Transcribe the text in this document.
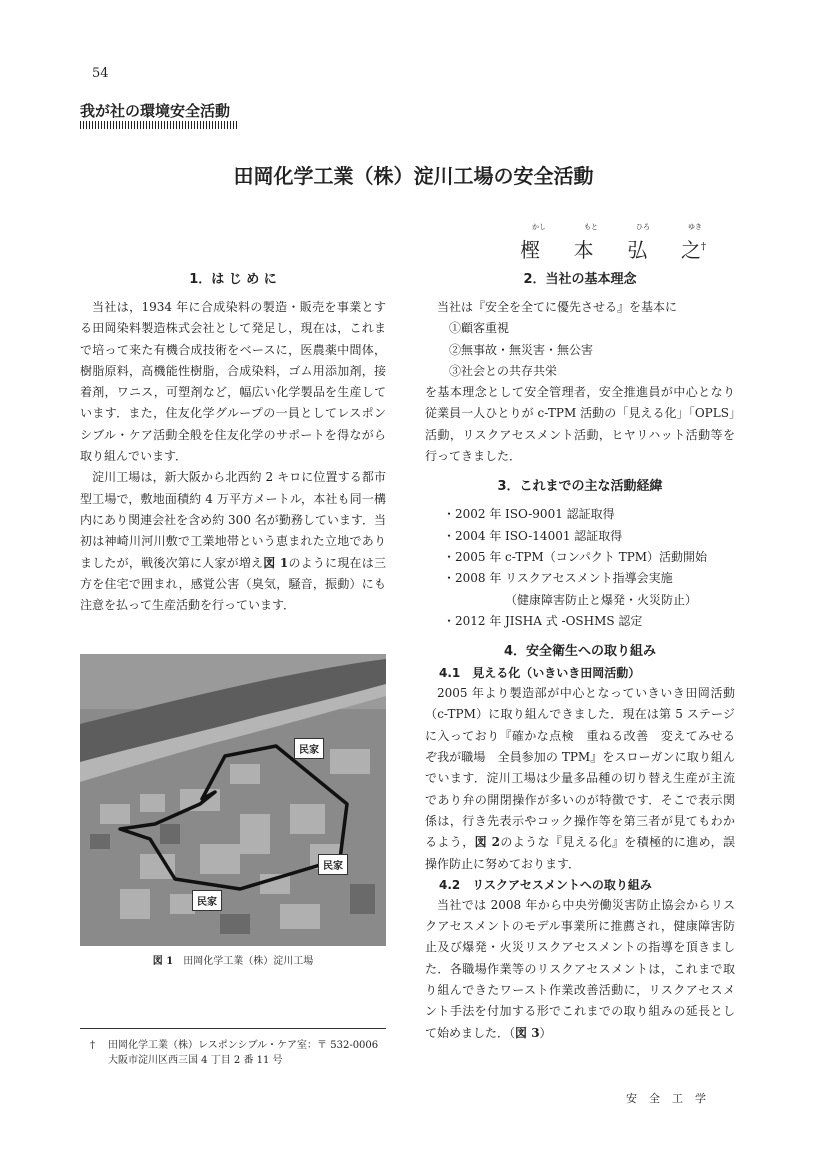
54
我が社の環境安全活動
田岡化学工業（株）淀川工場の安全活動
かし	もと	ひろ	ゆき
樫 本 弘 之†
1．は じ め に

当社は，1934 年に合成染料の製造・販売を事業とする田岡染料製造株式会社として発足し，現在は，これまで培って来た有機合成技術をベースに，医農薬中間体，樹脂原料，高機能性樹脂，合成染料，ゴム用添加剤，接着剤，ワニス，可塑剤など，幅広い化学製品を生産しています．また，住友化学グループの一員としてレスポンシブル・ケア活動全般を住友化学のサポートを得ながら取り組んでいます．

淀川工場は，新大阪から北西約 2 キロに位置する都市型工場で，敷地面積約 4 万平方メートル，本社も同一構内にあり関連会社を含め約 300 名が勤務しています．当初は神崎川河川敷で工業地帯という恵まれた立地でありましたが，戦後次第に人家が増え図 1のように現在は三方を住宅で囲まれ，感覚公害（臭気，騒音，振動）にも注意を払って生産活動を行っています．

民家
民家
民家
図 1　 田岡化学工業（株）淀川工場
†	田岡化学工業（株）レスポンシブル・ケア室：〒 532-0006
大阪市淀川区西三国 4 丁目 2 番 11 号
2．当社の基本理念
当社は『安全を全てに優先させる』を基本に
①顧客重視
②無事故・無災害・無公害
③社会との共存共栄

を基本理念として安全管理者，安全推進員が中心となり従業員一人ひとりが c-TPM 活動の「見える化」「OPLS」活動，リスクアセスメント活動，ヒヤリハット活動等を行ってきました．

3．これまでの主な活動経緯
・2002 年 ISO-9001 認証取得
・2004 年 ISO-14001 認証取得
・2005 年 c-TPM（コンパクト TPM）活動開始
・2008 年 リスクアセスメント指導会実施
（健康障害防止と爆発・火災防止）
・2012 年 JISHA 式 -OSHMS 認定
4．安全衛生への取り組み
4.1　見える化（いきいき田岡活動）

2005 年より製造部が中心となっていきいき田岡活動（c-TPM）に取り組んできました．現在は第 5 ステージに入っており『確かな点検　重ねる改善　変えてみせるぞ我が職場　全員参加の TPM』をスローガンに取り組んでいます．淀川工場は少量多品種の切り替え生産が主流であり弁の開閉操作が多いのが特徴です．そこで表示関係は，行き先表示やコック操作等を第三者が見てもわかるよう，図 2のような『見える化』を積極的に進め，誤操作防止に努めております．

4.2　リスクアセスメントへの取り組み

当社では 2008 年から中央労働災害防止協会からリスクアセスメントのモデル事業所に推薦され，健康障害防止及び爆発・火災リスクアセスメントの指導を頂きました．各職場作業等のリスクアセスメントは，これまで取り組んできたワースト作業改善活動に，リスクアセスメント手法を付加する形でこれまでの取り組みの延長として始めました．（図 3）

安全工学
